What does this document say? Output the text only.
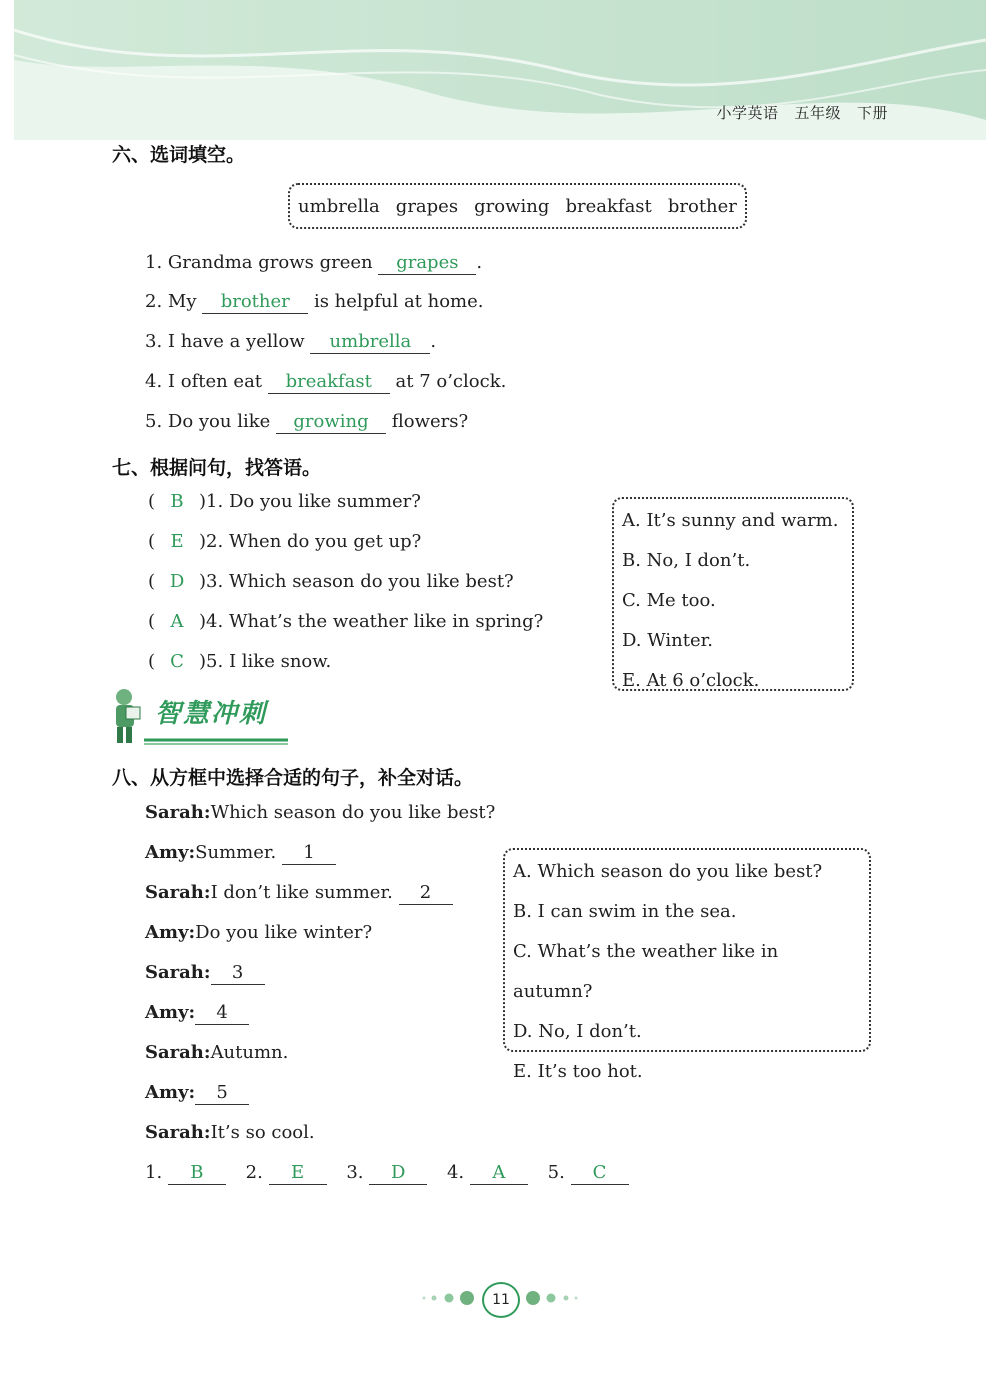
小学英语 五年级 下册
六、选词填空。
umbrella grapes growing breakfast brother
1. Grandma grows green grapes .
2. My brother is helpful at home.
3. I have a yellow umbrella .
4. I often eat breakfast at 7 o’clock.
5. Do you like growing flowers?
七、根据问句，找答语。
( B )1. Do you like summer?
( E )2. When do you get up?
( D )3. Which season do you like best?
( A )4. What’s the weather like in spring?
( C )5. I like snow.

A. It’s sunny and warm.

B. No, I don’t.

C. Me too.

D. Winter.

E. At 6 o’clock.

智慧冲刺
八、从方框中选择合适的句子，补全对话。
Sarah:Which season do you like best?
Amy:Summer. 1
Sarah:I don’t like summer. 2
Amy:Do you like winter?
Sarah: 3
Amy: 4
Sarah:Autumn.
Amy: 5
Sarah:It’s so cool.

A. Which season do you like best?

B. I can swim in the sea.

C. What’s the weather like in autumn?

D. No, I don’t.

E. It’s too hot.

1. B 2. E 3. D 4. A 5. C
11
